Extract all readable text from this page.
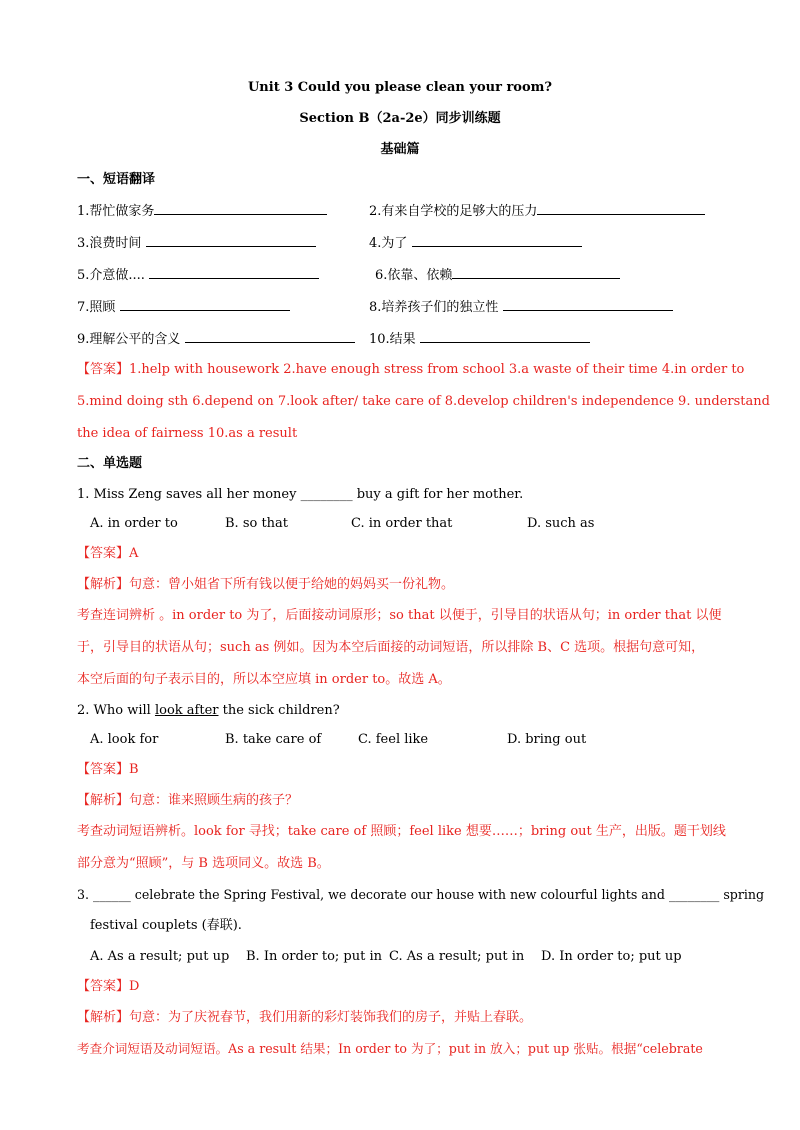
Unit 3 Could you please clean your room?
Section B（2a-2e）同步训练题
基础篇
一、短语翻译
1.帮忙做家务	2.有来自学校的足够大的压力
3.浪费时间	4.为了
5.介意做....	6.依靠、依赖
7.照顾	8.培养孩子们的独立性
9.理解公平的含义	10.结果
【答案】1.help with housework 2.have enough stress from school 3.a waste of their time 4.in order to
5.mind doing sth 6.depend on 7.look after/ take care of 8.develop children's independence 9. understand
the idea of fairness 10.as a result
二、单选题
1. Miss Zeng saves all her money ________ buy a gift for her mother.
A. in order to	B. so that	C. in order that	D. such as
【答案】A
【解析】句意：曾小姐省下所有钱以便于给她的妈妈买一份礼物。
考查连词辨析 。in order to 为了，后面接动词原形；so that 以便于，引导目的状语从句；in order that 以便
于，引导目的状语从句；such as 例如。因为本空后面接的动词短语，所以排除 B、C 选项。根据句意可知，
本空后面的句子表示目的，所以本空应填 in order to。故选 A。
2. Who will look after the sick children?
A. look for	B. take care of	C. feel like	D. bring out
【答案】B
【解析】句意：谁来照顾生病的孩子？
考查动词短语辨析。look for 寻找；take care of 照顾；feel like 想要……；bring out 生产，出版。题干划线
部分意为“照顾”，与 B 选项同义。故选 B。
3. ______ celebrate the Spring Festival, we decorate our house with new colourful lights and ________ spring
festival couplets (春联).
A. As a result; put up B. In order to; put in C. As a result; put in D. In order to; put up
【答案】D
【解析】句意：为了庆祝春节，我们用新的彩灯装饰我们的房子，并贴上春联。
考查介词短语及动词短语。As a result 结果；In order to 为了；put in 放入；put up 张贴。根据“celebrate
